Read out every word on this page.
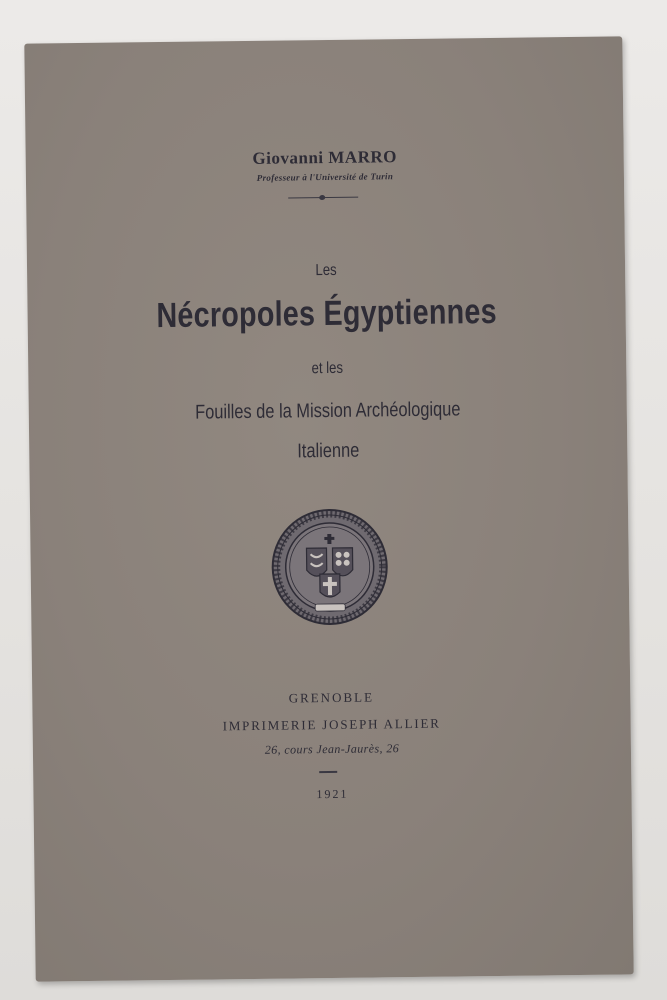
Giovanni MARRO
Professeur à l'Université de Turin
Les
Nécropoles Égyptiennes
et les
Fouilles de la Mission Archéologique
Italienne
GRENOBLE
IMPRIMERIE JOSEPH ALLIER
26, cours Jean-Jaurès, 26
1921
